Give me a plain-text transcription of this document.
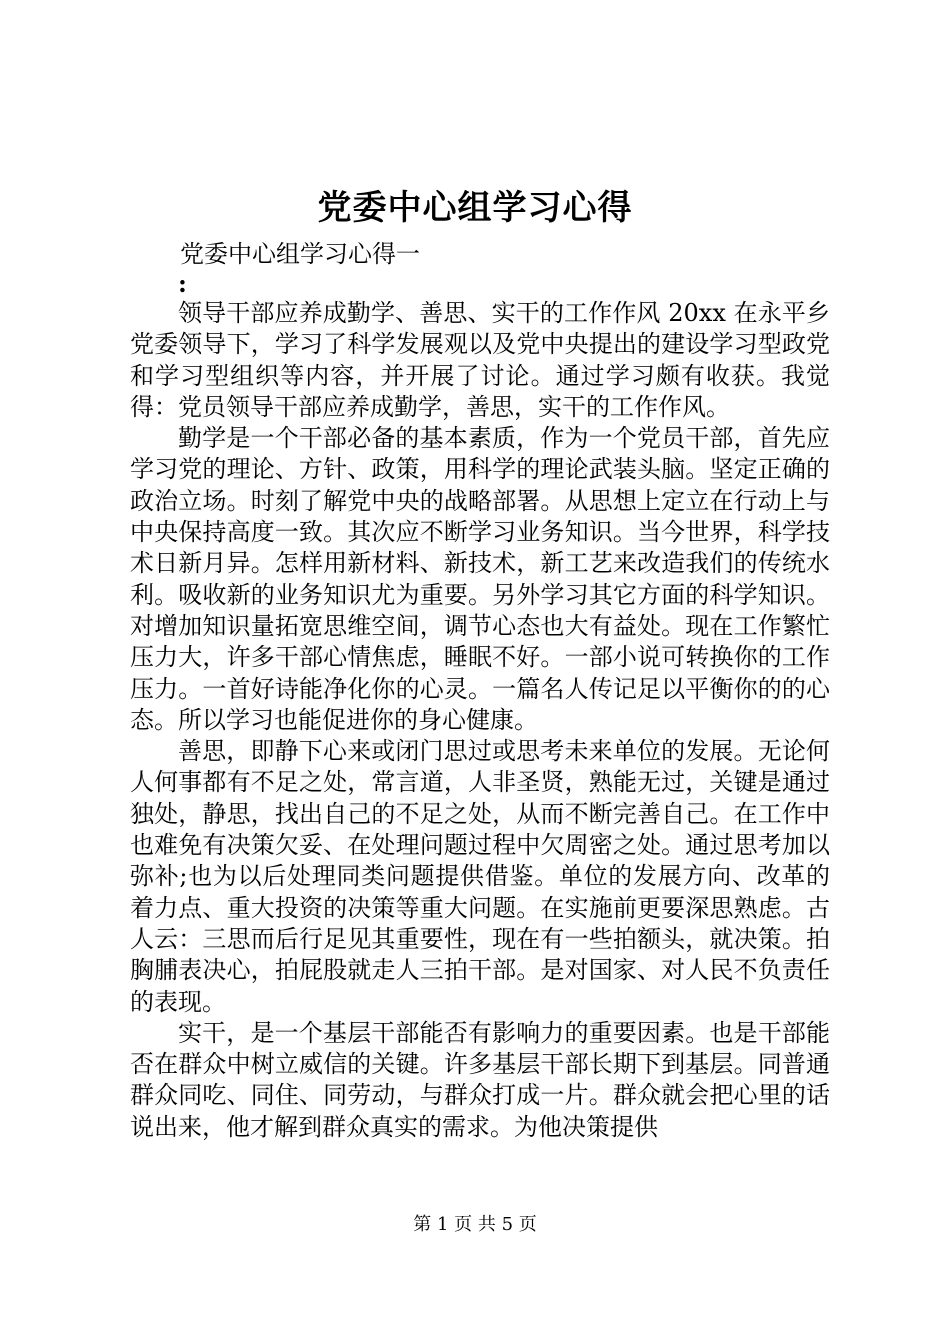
党委中心组学习心得
党委中心组学习心得一
:

领导干部应养成勤学、善思、实干的工作作风 20xx 在永平乡党委领导下，学习了科学发展观以及党中央提出的建设学习型政党和学习型组织等内容，并开展了讨论。通过学习颇有收获。我觉得：党员领导干部应养成勤学，善思，实干的工作作风。

勤学是一个干部必备的基本素质，作为一个党员干部，首先应学习党的理论、方针、政策，用科学的理论武装头脑。坚定正确的政治立场。时刻了解党中央的战略部署。从思想上定立在行动上与中央保持高度一致。其次应不断学习业务知识。当今世界，科学技术日新月异。怎样用新材料、新技术，新工艺来改造我们的传统水利。吸收新的业务知识尤为重要。另外学习其它方面的科学知识。对增加知识量拓宽思维空间，调节心态也大有益处。现在工作繁忙压力大，许多干部心情焦虑，睡眠不好。一部小说可转换你的工作压力。一首好诗能净化你的心灵。一篇名人传记足以平衡你的的心态。所以学习也能促进你的身心健康。

善思，即静下心来或闭门思过或思考未来单位的发展。无论何人何事都有不足之处，常言道，人非圣贤，熟能无过，关键是通过独处，静思，找出自己的不足之处，从而不断完善自己。在工作中也难免有决策欠妥、在处理问题过程中欠周密之处。通过思考加以弥补;也为以后处理同类问题提供借鉴。单位的发展方向、改革的着力点、重大投资的决策等重大问题。在实施前更要深思熟虑。古人云：三思而后行足见其重要性，现在有一些拍额头，就决策。拍胸脯表决心，拍屁股就走人三拍干部。是对国家、对人民不负责任的表现。

实干，是一个基层干部能否有影响力的重要因素。也是干部能否在群众中树立威信的关键。许多基层干部长期下到基层。同普通群众同吃、同住、同劳动，与群众打成一片。群众就会把心里的话说出来，他才解到群众真实的需求。为他决策提供

第 1 页 共 5 页
